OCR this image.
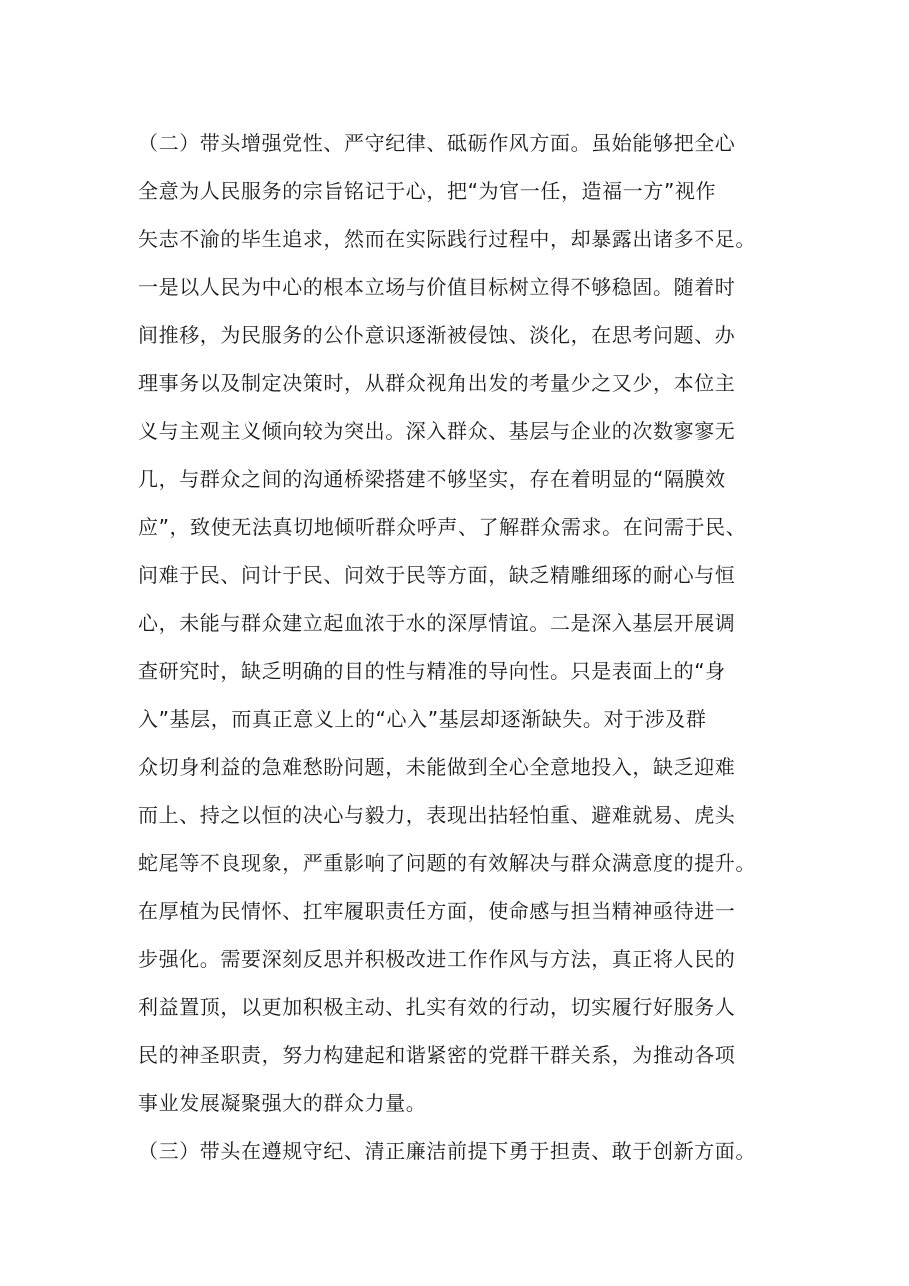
（二）带头增强党性、严守纪律、砥砺作风方面。虽始能够把全心
全意为人民服务的宗旨铭记于心，把“为官一任，造福一方”视作
矢志不渝的毕生追求，然而在实际践行过程中，却暴露出诸多不足。
一是以人民为中心的根本立场与价值目标树立得不够稳固。随着时
间推移，为民服务的公仆意识逐渐被侵蚀、淡化，在思考问题、办
理事务以及制定决策时，从群众视角出发的考量少之又少，本位主
义与主观主义倾向较为突出。深入群众、基层与企业的次数寥寥无
几，与群众之间的沟通桥梁搭建不够坚实，存在着明显的“隔膜效
应”，致使无法真切地倾听群众呼声、了解群众需求。在问需于民、
问难于民、问计于民、问效于民等方面，缺乏精雕细琢的耐心与恒
心，未能与群众建立起血浓于水的深厚情谊。二是深入基层开展调
查研究时，缺乏明确的目的性与精准的导向性。只是表面上的“身
入”基层，而真正意义上的“心入”基层却逐渐缺失。对于涉及群
众切身利益的急难愁盼问题，未能做到全心全意地投入，缺乏迎难
而上、持之以恒的决心与毅力，表现出拈轻怕重、避难就易、虎头
蛇尾等不良现象，严重影响了问题的有效解决与群众满意度的提升。
在厚植为民情怀、扛牢履职责任方面，使命感与担当精神亟待进一
步强化。需要深刻反思并积极改进工作作风与方法，真正将人民的
利益置顶，以更加积极主动、扎实有效的行动，切实履行好服务人
民的神圣职责，努力构建起和谐紧密的党群干群关系，为推动各项
事业发展凝聚强大的群众力量。
（三）带头在遵规守纪、清正廉洁前提下勇于担责、敢于创新方面。
